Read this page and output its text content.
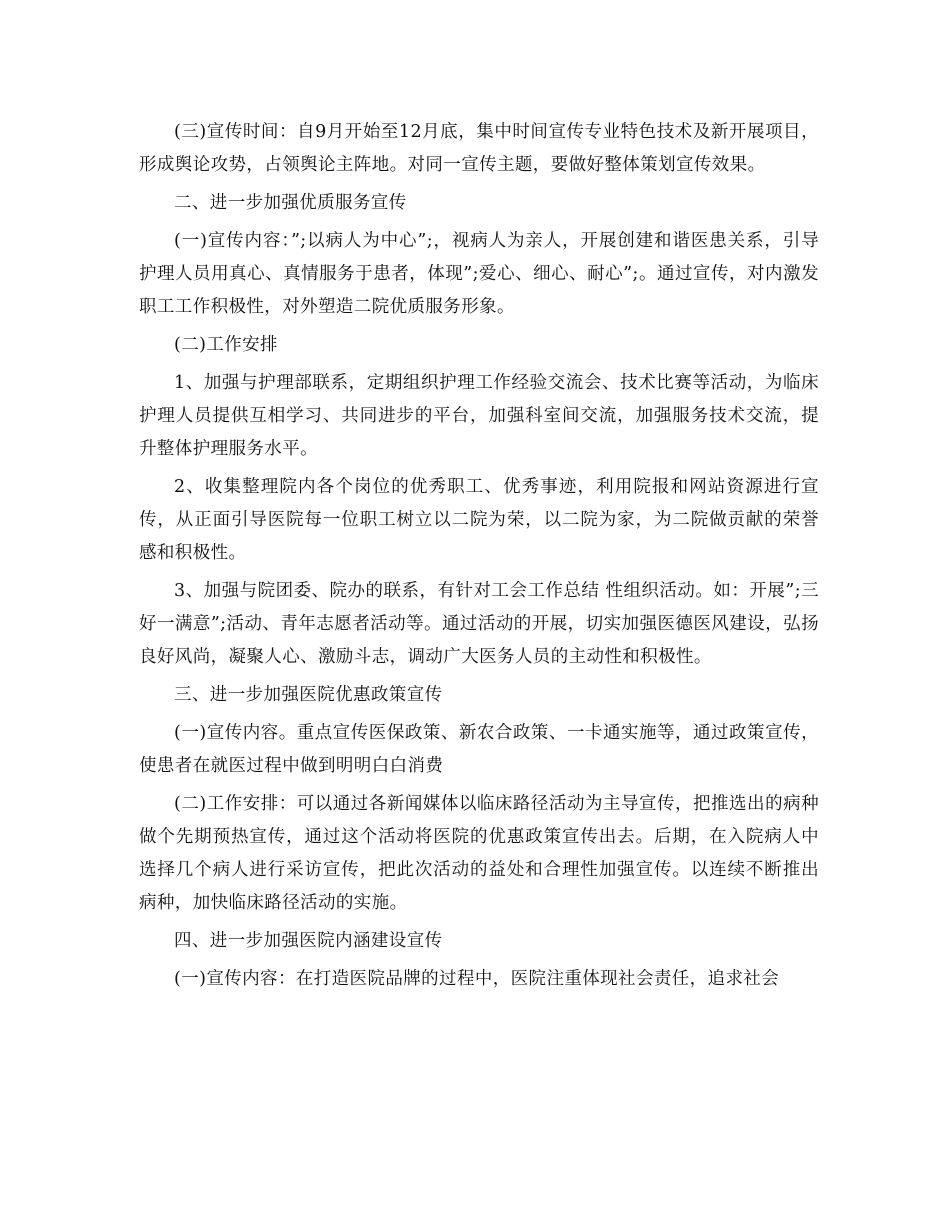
(三)宣传时间：自9月开始至12月底，集中时间宣传专业特色技术及新开展项目，形成舆论攻势，占领舆论主阵地。对同一宣传主题，要做好整体策划宣传效果。

二、进一步加强优质服务宣传

(一)宣传内容：”;以病人为中心”;，视病人为亲人，开展创建和谐医患关系，引导护理人员用真心、真情服务于患者，体现”;爱心、细心、耐心”;。通过宣传，对内激发职工工作积极性，对外塑造二院优质服务形象。

(二)工作安排

1、加强与护理部联系，定期组织护理工作经验交流会、技术比赛等活动，为临床护理人员提供互相学习、共同进步的平台，加强科室间交流，加强服务技术交流，提升整体护理服务水平。

2、收集整理院内各个岗位的优秀职工、优秀事迹，利用院报和网站资源进行宣传，从正面引导医院每一位职工树立以二院为荣，以二院为家，为二院做贡献的荣誉感和积极性。

3、加强与院团委、院办的联系，有针对工会工作总结 性组织活动。如：开展”;三好一满意”;活动、青年志愿者活动等。通过活动的开展，切实加强医德医风建设，弘扬良好风尚，凝聚人心、激励斗志，调动广大医务人员的主动性和积极性。

三、进一步加强医院优惠政策宣传

(一)宣传内容。重点宣传医保政策、新农合政策、一卡通实施等，通过政策宣传，使患者在就医过程中做到明明白白消费

(二)工作安排：可以通过各新闻媒体以临床路径活动为主导宣传，把推选出的病种做个先期预热宣传，通过这个活动将医院的优惠政策宣传出去。后期，在入院病人中选择几个病人进行采访宣传，把此次活动的益处和合理性加强宣传。以连续不断推出病种，加快临床路径活动的实施。

四、进一步加强医院内涵建设宣传

(一)宣传内容：在打造医院品牌的过程中，医院注重体现社会责任，追求社会
